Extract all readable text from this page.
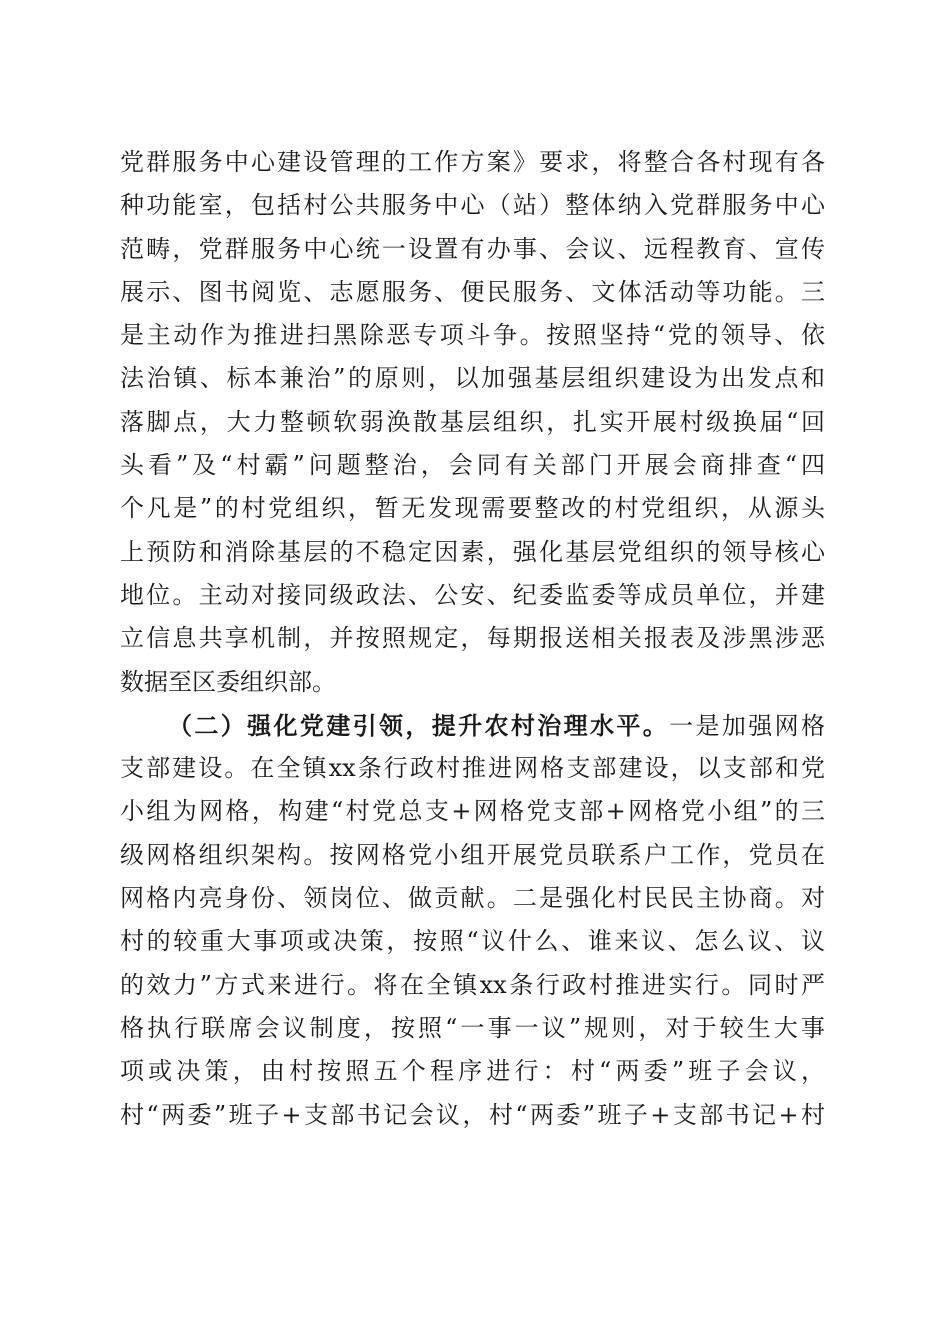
党群服务中心建设管理的工作方案》要求，将整合各村现有各
种功能室，包括村公共服务中心（站）整体纳入党群服务中心
范畴，党群服务中心统一设置有办事、会议、远程教育、宣传
展示、图书阅览、志愿服务、便民服务、文体活动等功能。三
是主动作为推进扫黑除恶专项斗争。按照坚持“党的领导、依
法治镇、标本兼治”的原则，以加强基层组织建设为出发点和
落脚点，大力整顿软弱涣散基层组织，扎实开展村级换届“回
头看”及“村霸”问题整治，会同有关部门开展会商排查“四
个凡是”的村党组织，暂无发现需要整改的村党组织，从源头
上预防和消除基层的不稳定因素，强化基层党组织的领导核心
地位。主动对接同级政法、公安、纪委监委等成员单位，并建
立信息共享机制，并按照规定，每期报送相关报表及涉黑涉恶
数据至区委组织部。
（二）强化党建引领，提升农村治理水平。一是加强网格
支部建设。在全镇xx条行政村推进网格支部建设，以支部和党
小组为网格，构建“村党总支+网格党支部+网格党小组”的三
级网格组织架构。按网格党小组开展党员联系户工作，党员在
网格内亮身份、领岗位、做贡献。二是强化村民民主协商。对
村的较重大事项或决策，按照“议什么、谁来议、怎么议、议
的效力”方式来进行。将在全镇xx条行政村推进实行。同时严
格执行联席会议制度，按照“一事一议”规则，对于较生大事
项或决策，由村按照五个程序进行：村“两委”班子会议，
村“两委”班子+支部书记会议，村“两委”班子+支部书记+村
